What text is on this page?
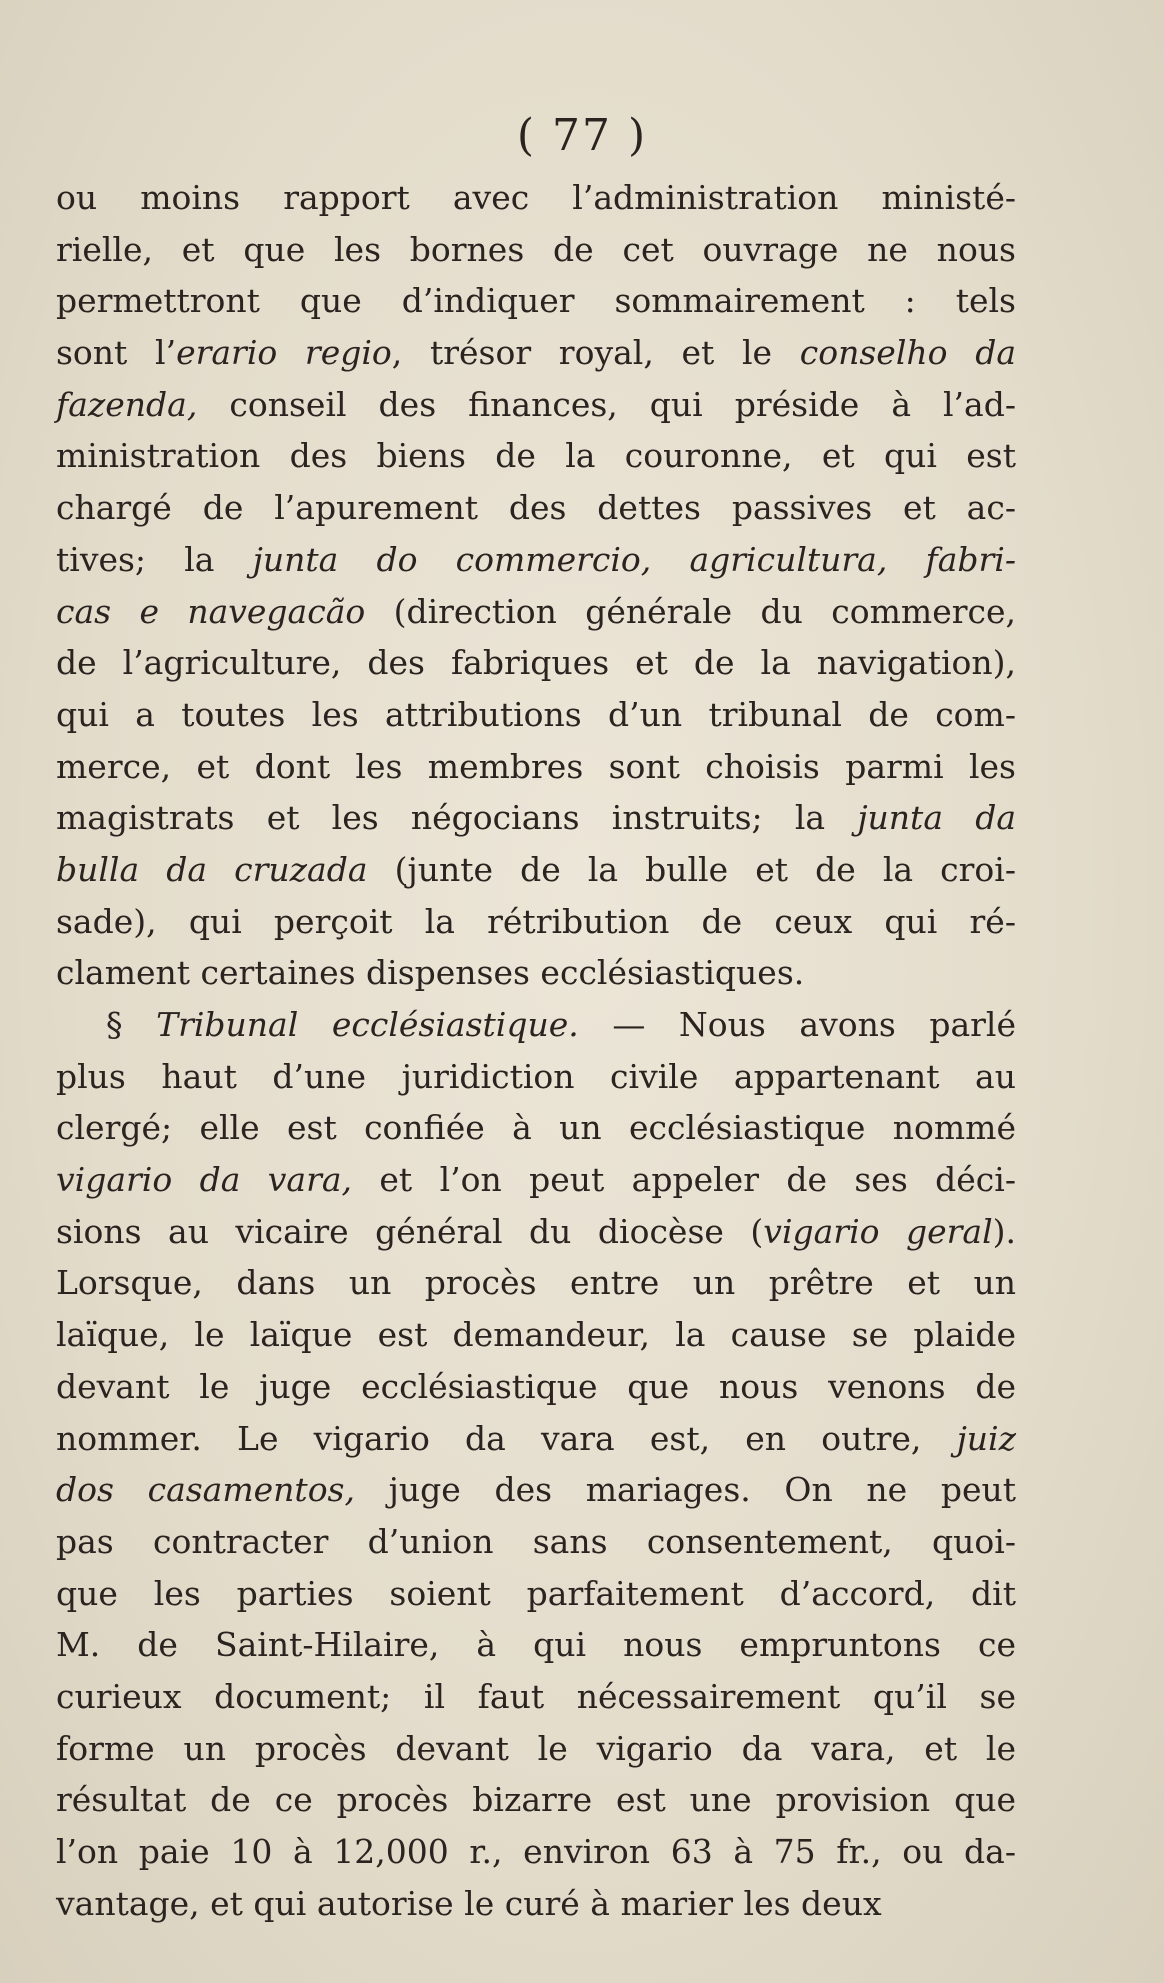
( 77 )
ou moins rapport avec l’administration ministé-
rielle, et que les bornes de cet ouvrage ne nous
permettront que d’indiquer sommairement : tels
sont l’erario regio, trésor royal, et le conselho da
fazenda, conseil des finances, qui préside à l’ad-
ministration des biens de la couronne, et qui est
chargé de l’apurement des dettes passives et ac-
tives; la junta do commercio, agricultura, fabri-
cas e navegacão (direction générale du commerce,
de l’agriculture, des fabriques et de la navigation),
qui a toutes les attributions d’un tribunal de com-
merce, et dont les membres sont choisis parmi les
magistrats et les négocians instruits; la junta da
bulla da cruzada (junte de la bulle et de la croi-
sade), qui perçoit la rétribution de ceux qui ré-
clament certaines dispenses ecclésiastiques.
§ Tribunal ecclésiastique. — Nous avons parlé
plus haut d’une juridiction civile appartenant au
clergé; elle est confiée à un ecclésiastique nommé
vigario da vara, et l’on peut appeler de ses déci-
sions au vicaire général du diocèse (vigario geral).
Lorsque, dans un procès entre un prêtre et un
laïque, le laïque est demandeur, la cause se plaide
devant le juge ecclésiastique que nous venons de
nommer. Le vigario da vara est, en outre, juiz
dos casamentos, juge des mariages. On ne peut
pas contracter d’union sans consentement, quoi-
que les parties soient parfaitement d’accord, dit
M. de Saint-Hilaire, à qui nous empruntons ce
curieux document; il faut nécessairement qu’il se
forme un procès devant le vigario da vara, et le
résultat de ce procès bizarre est une provision que
l’on paie 10 à 12,000 r., environ 63 à 75 fr., ou da-
vantage, et qui autorise le curé à marier les deux
